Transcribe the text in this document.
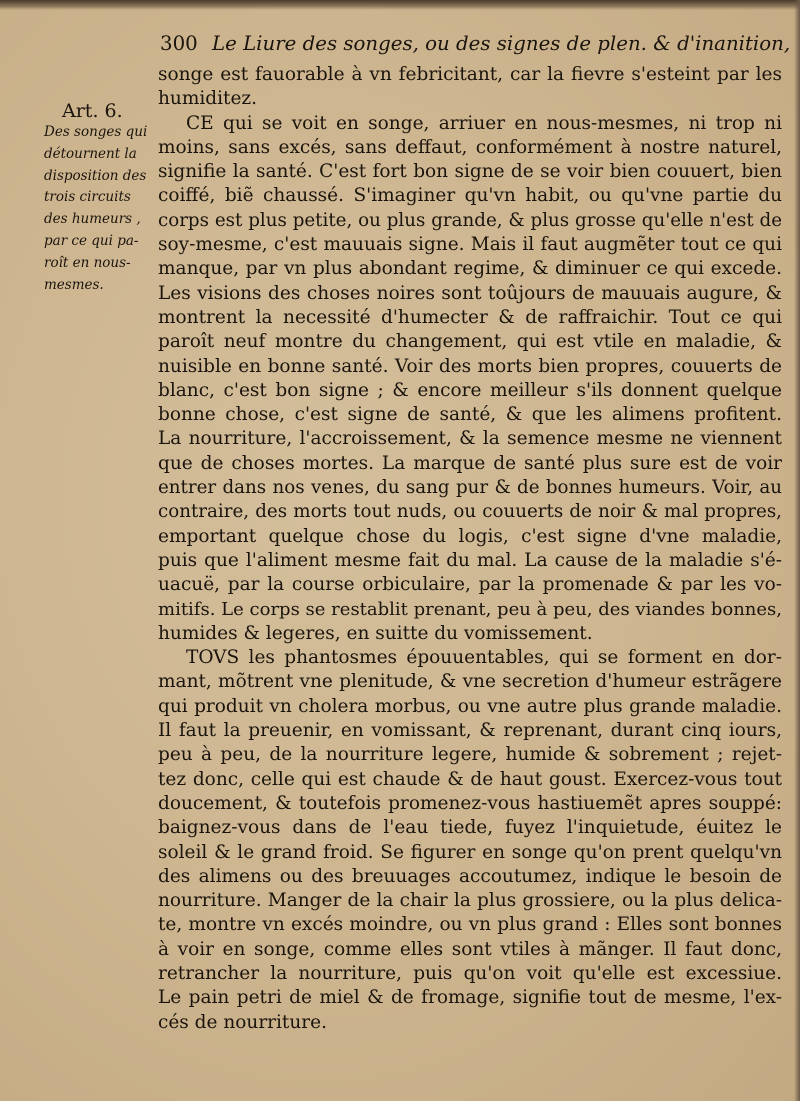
300 Le Liure des songes, ou des signes de plen. & d'inanition,
Art. 6.
Des songes qui
détournent la
disposition des
trois circuits
des humeurs ,
par ce qui pa-
roît en nous-
mesmes.
songe est fauorable à vn febricitant, car la fievre s'esteint par les
humiditez.
CE qui se voit en songe, arriuer en nous-mesmes, ni trop ni
moins, sans excés, sans deffaut, conformément à nostre naturel,
signifie la santé. C'est fort bon signe de se voir bien couuert, bien
coiffé, biẽ chaussé. S'imaginer qu'vn habit, ou qu'vne partie du
corps est plus petite, ou plus grande, & plus grosse qu'elle n'est de
soy-mesme, c'est mauuais signe. Mais il faut augmẽter tout ce qui
manque, par vn plus abondant regime, & diminuer ce qui excede.
Les visions des choses noires sont toûjours de mauuais augure, &
montrent la necessité d'humecter & de raffraichir. Tout ce qui
paroît neuf montre du changement, qui est vtile en maladie, &
nuisible en bonne santé. Voir des morts bien propres, couuerts de
blanc, c'est bon signe ; & encore meilleur s'ils donnent quelque
bonne chose, c'est signe de santé, & que les alimens profitent.
La nourriture, l'accroissement, & la semence mesme ne viennent
que de choses mortes. La marque de santé plus sure est de voir
entrer dans nos venes, du sang pur & de bonnes humeurs. Voir, au
contraire, des morts tout nuds, ou couuerts de noir & mal propres,
emportant quelque chose du logis, c'est signe d'vne maladie,
puis que l'aliment mesme fait du mal. La cause de la maladie s'é-
uacuë, par la course orbiculaire, par la promenade & par les vo-
mitifs. Le corps se restablit prenant, peu à peu, des viandes bonnes,
humides & legeres, en suitte du vomissement.
TOVS les phantosmes épouuentables, qui se forment en dor-
mant, mõtrent vne plenitude, & vne secretion d'humeur estrãgere
qui produit vn cholera morbus, ou vne autre plus grande maladie.
Il faut la preuenir, en vomissant, & reprenant, durant cinq iours,
peu à peu, de la nourriture legere, humide & sobrement ; rejet-
tez donc, celle qui est chaude & de haut goust. Exercez-vous tout
doucement, & toutefois promenez-vous hastiuemẽt apres souppé:
baignez-vous dans de l'eau tiede, fuyez l'inquietude, éuitez le
soleil & le grand froid. Se figurer en songe qu'on prent quelqu'vn
des alimens ou des breuuages accoutumez, indique le besoin de
nourriture. Manger de la chair la plus grossiere, ou la plus delica-
te, montre vn excés moindre, ou vn plus grand : Elles sont bonnes
à voir en songe, comme elles sont vtiles à mãnger. Il faut donc,
retrancher la nourriture, puis qu'on voit qu'elle est excessiue.
Le pain petri de miel & de fromage, signifie tout de mesme, l'ex-
cés de nourriture.
